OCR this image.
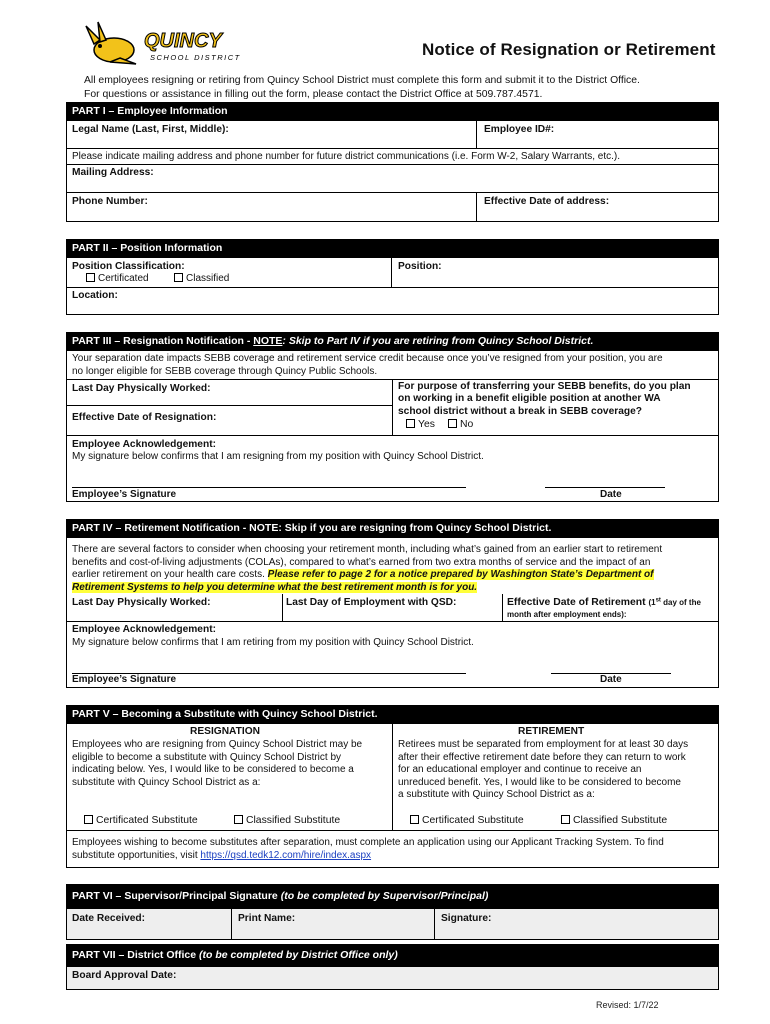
QUINCY
SCHOOL DISTRICT	Notice of Resignation or Retirement
All employees resigning or retiring from Quincy School District must complete this form and submit it to the District Office.
For questions or assistance in filling out the form, please contact the District Office at 509.787.4571.
PART I – Employee Information
Legal Name (Last, First, Middle):	Employee ID#:
Please indicate mailing address and phone number for future district communications (i.e. Form W-2, Salary Warrants, etc.).
Mailing Address:
Phone Number:	Effective Date of address:
PART II – Position Information
Position Classification:
Certificated	Classified
Position:
Location:
PART III – Resignation Notification - NOTE: Skip to Part IV if you are retiring from Quincy School District.
Your separation date impacts SEBB coverage and retirement service credit because once you’ve resigned from your position, you are
no longer eligible for SEBB coverage through Quincy Public Schools.
Last Day Physically Worked:
Effective Date of Resignation:
For purpose of transferring your SEBB benefits, do you plan
on working in a benefit eligible position at another WA
school district without a break in SEBB coverage?
Yes	No
Employee Acknowledgement:
My signature below confirms that I am resigning from my position with Quincy School District.
Employee’s Signature	Date
PART IV – Retirement Notification - NOTE: Skip if you are resigning from Quincy School District.
There are several factors to consider when choosing your retirement month, including what’s gained from an earlier start to retirement
benefits and cost-of-living adjustments (COLAs), compared to what’s earned from two extra months of service and the impact of an
earlier retirement on your health care costs. Please refer to page 2 for a notice prepared by Washington State’s Department of
Retirement Systems to help you determine what the best retirement month is for you.
Last Day Physically Worked:	Last Day of Employment with QSD:	Effective Date of Retirement (1st day of the
month after employment ends):
Employee Acknowledgement:
My signature below confirms that I am retiring from my position with Quincy School District.
Employee’s Signature	Date
PART V – Becoming a Substitute with Quincy School District.
RESIGNATION
Employees who are resigning from Quincy School District may be
eligible to become a substitute with Quincy School District by
indicating below. Yes, I would like to be considered to become a
substitute with Quincy School District as a:
RETIREMENT
Retirees must be separated from employment for at least 30 days
after their effective retirement date before they can return to work
for an educational employer and continue to receive an
unreduced benefit. Yes, I would like to be considered to become
a substitute with Quincy School District as a:
Certificated Substitute	Classified Substitute	Certificated Substitute	Classified Substitute
Employees wishing to become substitutes after separation, must complete an application using our Applicant Tracking System. To find
substitute opportunities, visit https://qsd.tedk12.com/hire/index.aspx
PART VI – Supervisor/Principal Signature (to be completed by Supervisor/Principal)
Date Received:	Print Name:	Signature:
PART VII – District Office (to be completed by District Office only)
Board Approval Date:
Revised: 1/7/22
